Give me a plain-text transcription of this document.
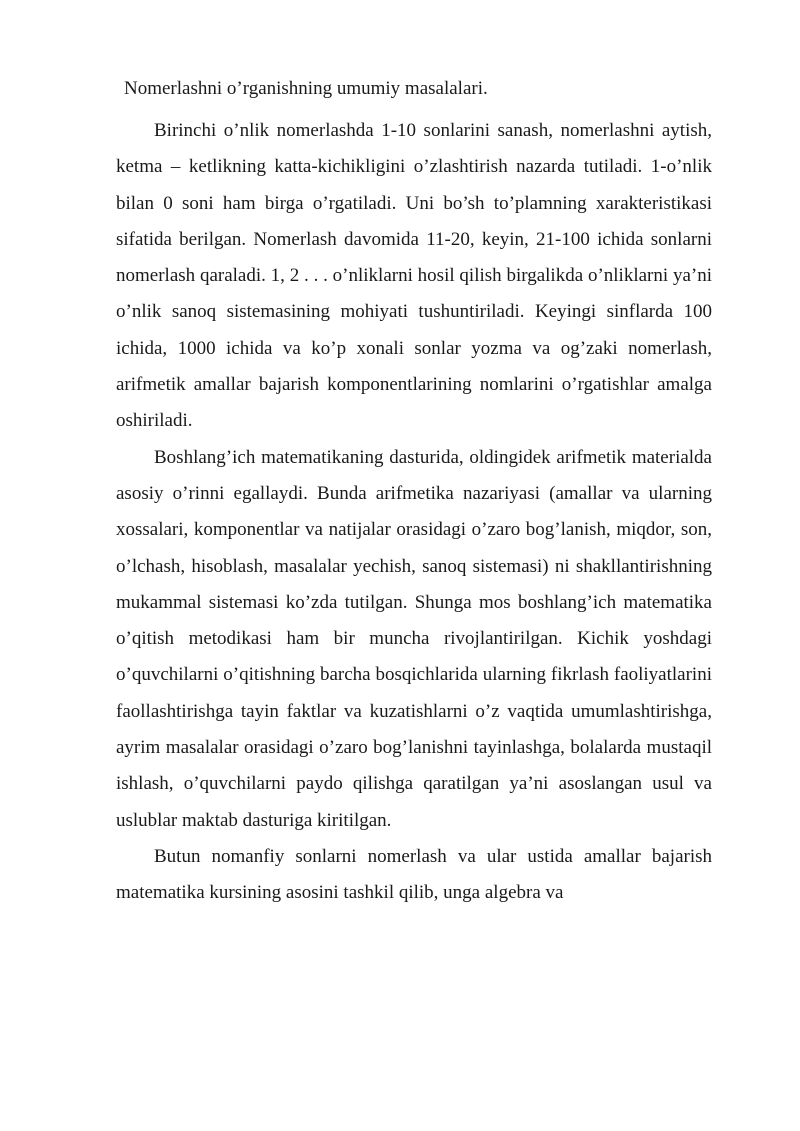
Nomerlashni o’rganishning umumiy masalalari.

Birinchi o’nlik nomerlashda 1-10 sonlarini sanash, nomerlashni aytish, ketma – ketlikning katta-kichikligini o’zlashtirish nazarda tutiladi. 1-o’nlik bilan 0 soni ham birga o’rgatiladi. Uni bo’sh to’plamning xarakteristikasi sifatida berilgan. Nomerlash davomida 11-20, keyin, 21-100 ichida sonlarni nomerlash qaraladi. 1, 2 . . . o’nliklarni hosil qilish birgalikda o’nliklarni ya’ni o’nlik sanoq sistemasining mohiyati tushuntiriladi. Keyingi sinflarda 100 ichida, 1000 ichida va ko’p xonali sonlar yozma va og’zaki nomerlash, arifmetik amallar bajarish komponentlarining nomlarini o’rgatishlar amalga oshiriladi.

Boshlang’ich matematikaning dasturida, oldingidek arifmetik materialda asosiy o’rinni egallaydi. Bunda arifmetika nazariyasi (amallar va ularning xossalari, komponentlar va natijalar orasidagi o’zaro bog’lanish, miqdor, son, o’lchash, hisoblash, masalalar yechish, sanoq sistemasi) ni shakllantirishning mukammal sistemasi ko’zda tutilgan. Shunga mos boshlang’ich matematika o’qitish metodikasi ham bir muncha rivojlantirilgan. Kichik yoshdagi o’quvchilarni o’qitishning barcha bosqichlarida ularning fikrlash faoliyatlarini faollashtirishga tayin faktlar va kuzatishlarni o’z vaqtida umumlashtirishga, ayrim masalalar orasidagi o’zaro bog’lanishni tayinlashga, bolalarda mustaqil ishlash, o’quvchilarni paydo qilishga qaratilgan ya’ni asoslangan usul va uslublar maktab dasturiga kiritilgan.

Butun nomanfiy sonlarni nomerlash va ular ustida amallar bajarish matematika kursining asosini tashkil qilib, unga algebra va
